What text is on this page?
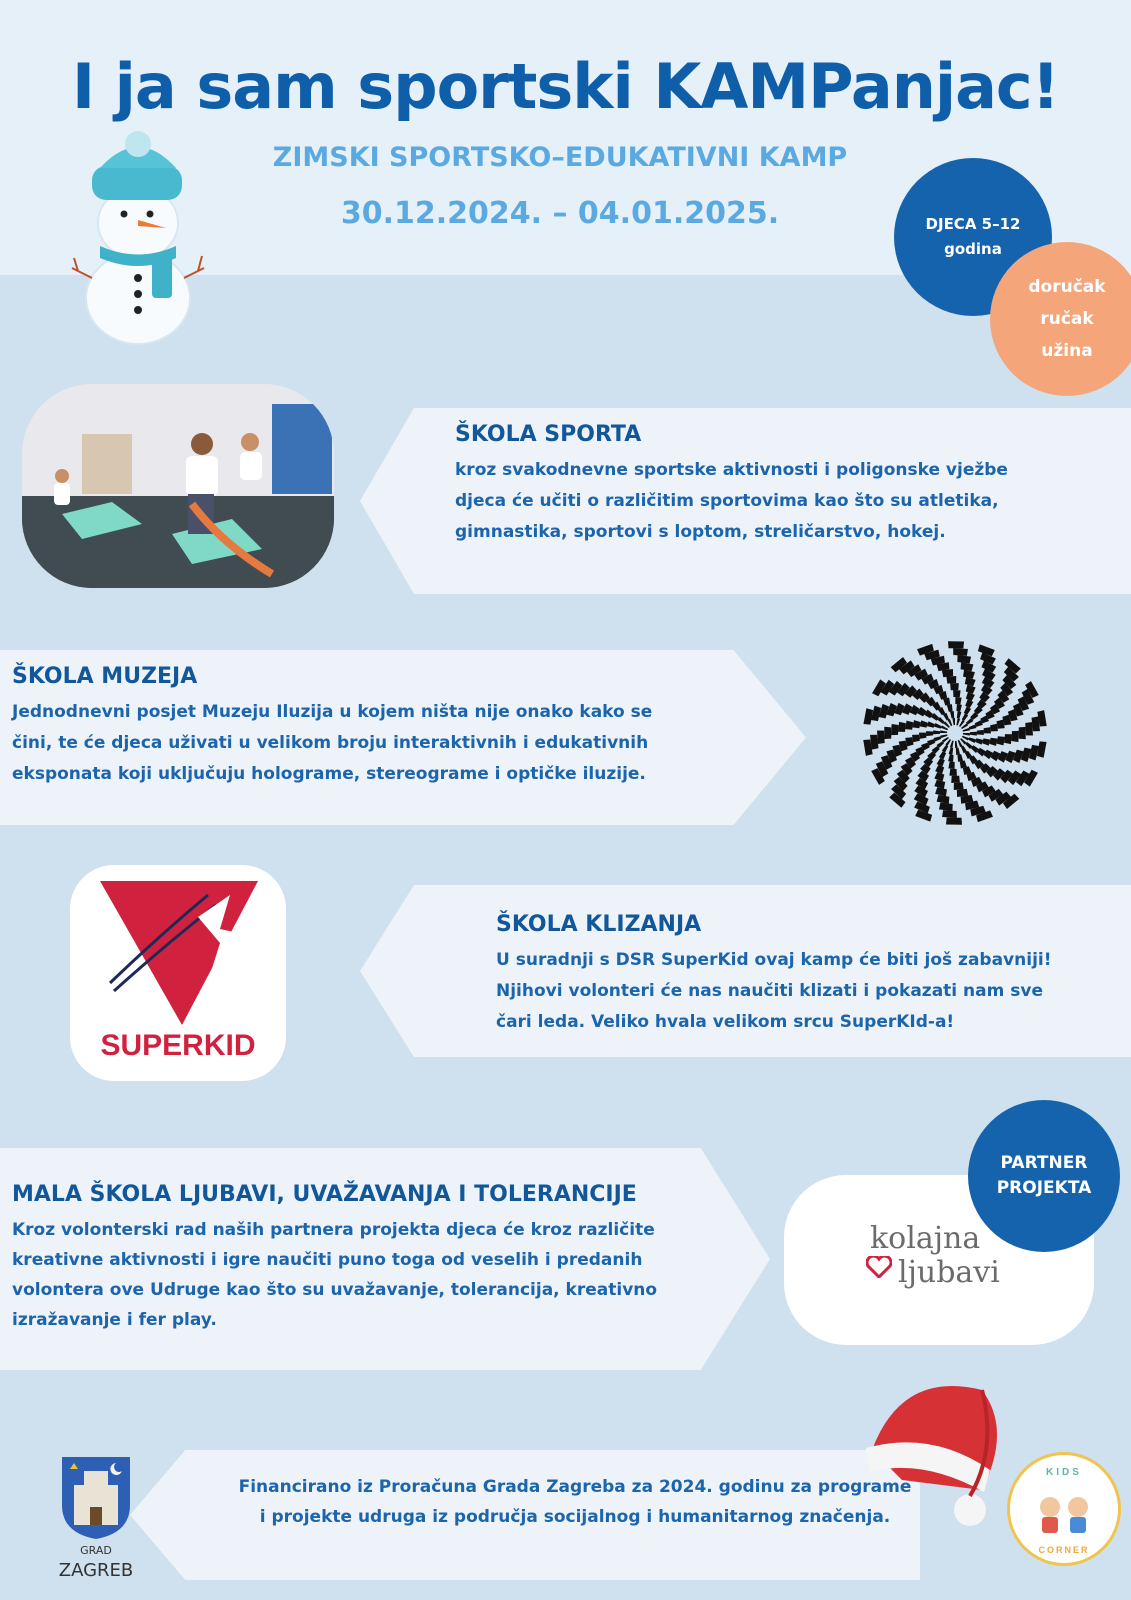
I ja sam sportski KAMPanjac!
ZIMSKI SPORTSKO–EDUKATIVNI KAMP
30.12.2024. – 04.01.2025.	DJECA 5–12
godina
doručak
ručak
užina
ŠKOLA SPORTA

kroz svakodnevne sportske aktivnosti i poligonske vježbe
djeca će učiti o različitim sportovima kao što su atletika,
gimnastika, sportovi s loptom, streličarstvo, hokej.

ŠKOLA MUZEJA

Jednodnevni posjet Muzeju Iluzija u kojem ništa nije onako kako se
čini, te će djeca uživati u velikom broju interaktivnih i edukativnih
eksponata koji uključuju holograme, stereograme i optičke iluzije.

SUPERKID
ŠKOLA KLIZANJA

U suradnji s DSR SuperKid ovaj kamp će biti još zabavniji!
Njihovi volonteri će nas naučiti klizati i pokazati nam sve
čari leda. Veliko hvala velikom srcu SuperKId-a!

MALA ŠKOLA LJUBAVI, UVAŽAVANJA I TOLERANCIJE

Kroz volonterski rad naših partnera projekta djeca će kroz različite
kreativne aktivnosti i igre naučiti puno toga od veselih i predanih
volontera ove Udruge kao što su uvažavanje, tolerancija, kreativno
izražavanje i fer play.

kolajna
ljubavi
PARTNER
PROJEKTA

Financirano iz Proračuna Grada Zagreba za 2024. godinu za programe
i projekte udruga iz područja socijalnog i humanitarnog značenja.

GRAD
ZAGREB
KIDS
CORNER
